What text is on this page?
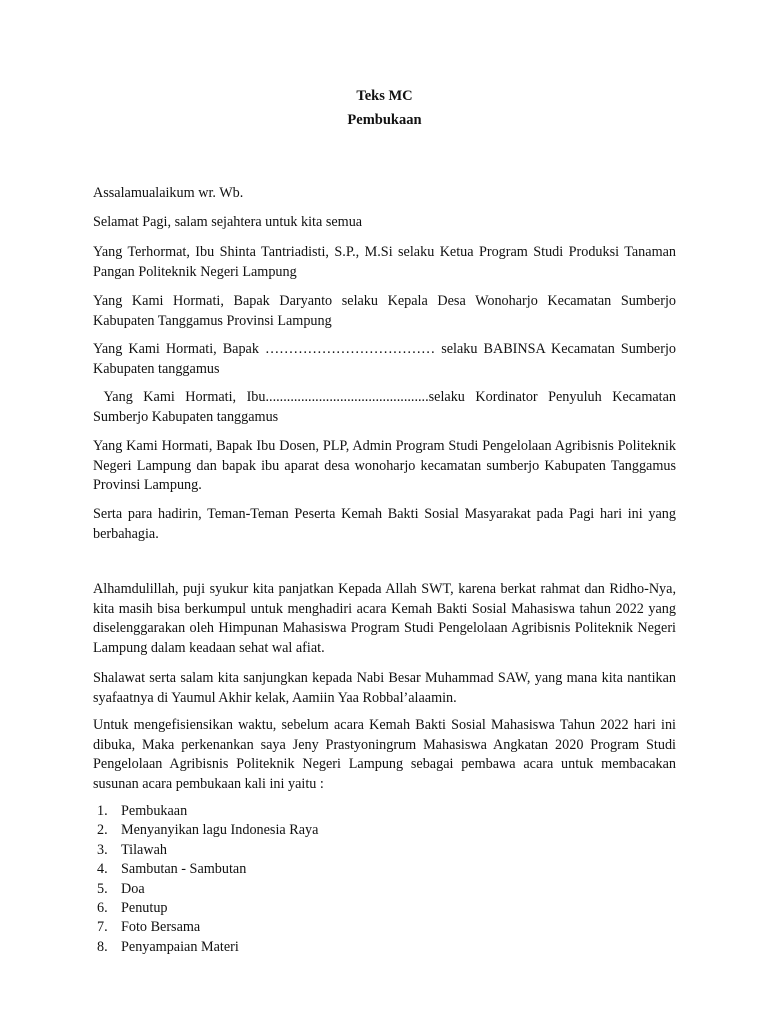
Teks MC
Pembukaan
Assalamualaikum wr. Wb.
Selamat Pagi, salam sejahtera untuk kita semua
Yang Terhormat, Ibu Shinta Tantriadisti, S.P., M.Si selaku Ketua Program Studi Produksi Tanaman Pangan Politeknik Negeri Lampung
Yang Kami Hormati, Bapak Daryanto selaku Kepala Desa Wonoharjo Kecamatan Sumberjo Kabupaten Tanggamus Provinsi Lampung
Yang Kami Hormati, Bapak ……………………………… selaku BABINSA Kecamatan Sumberjo Kabupaten tanggamus
Yang Kami Hormati, Ibu..............................................selaku Kordinator Penyuluh Kecamatan Sumberjo Kabupaten tanggamus
Yang Kami Hormati, Bapak Ibu Dosen, PLP, Admin Program Studi Pengelolaan Agribisnis Politeknik Negeri Lampung dan bapak ibu aparat desa wonoharjo kecamatan sumberjo Kabupaten Tanggamus Provinsi Lampung.
Serta para hadirin, Teman-Teman Peserta Kemah Bakti Sosial Masyarakat pada Pagi hari ini yang berbahagia.
Alhamdulillah, puji syukur kita panjatkan Kepada Allah SWT, karena berkat rahmat dan Ridho-Nya, kita masih bisa berkumpul untuk menghadiri acara Kemah Bakti Sosial Mahasiswa tahun 2022 yang diselenggarakan oleh Himpunan Mahasiswa Program Studi Pengelolaan Agribisnis Politeknik Negeri Lampung dalam keadaan sehat wal afiat.
Shalawat serta salam kita sanjungkan kepada Nabi Besar Muhammad SAW, yang mana kita nantikan syafaatnya di Yaumul Akhir kelak, Aamiin Yaa Robbal’alaamin.
Untuk mengefisiensikan waktu, sebelum acara Kemah Bakti Sosial Mahasiswa Tahun 2022 hari ini dibuka, Maka perkenankan saya Jeny Prastyoningrum Mahasiswa Angkatan 2020 Program Studi Pengelolaan Agribisnis Politeknik Negeri Lampung sebagai pembawa acara untuk membacakan susunan acara pembukaan kali ini yaitu :
1. Pembukaan
2. Menyanyikan lagu Indonesia Raya
3. Tilawah
4. Sambutan - Sambutan
5. Doa
6. Penutup
7. Foto Bersama
8. Penyampaian Materi
